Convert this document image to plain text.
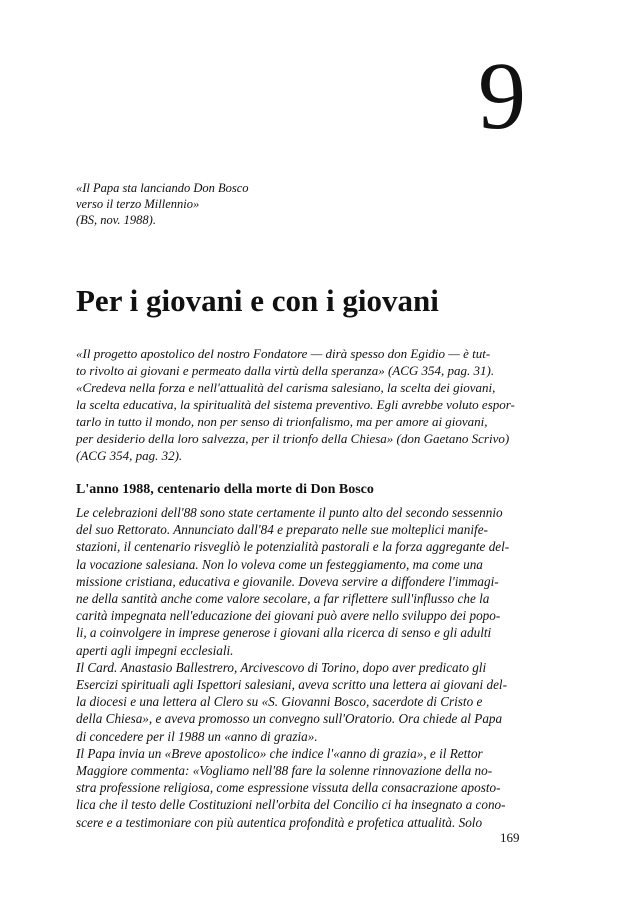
9
«Il Papa sta lanciando Don Bosco
verso il terzo Millennio»
(BS, nov. 1988).
Per i giovani e con i giovani
«Il progetto apostolico del nostro Fondatore — dirà spesso don Egidio — è tut-
to rivolto ai giovani e permeato dalla virtù della speranza» (ACG 354, pag. 31).
«Credeva nella forza e nell'attualità del carisma salesiano, la scelta dei giovani,
la scelta educativa, la spiritualità del sistema preventivo. Egli avrebbe voluto espor-
tarlo in tutto il mondo, non per senso di trionfalismo, ma per amore ai giovani,
per desiderio della loro salvezza, per il trionfo della Chiesa» (don Gaetano Scrivo)
(ACG 354, pag. 32).
L'anno 1988, centenario della morte di Don Bosco
Le celebrazioni dell'88 sono state certamente il punto alto del secondo sessennio
del suo Rettorato. Annunciato dall'84 e preparato nelle sue molteplici manife-
stazioni, il centenario risvegliò le potenzialità pastorali e la forza aggregante del-
la vocazione salesiana. Non lo voleva come un festeggiamento, ma come una
missione cristiana, educativa e giovanile. Doveva servire a diffondere l'immagi-
ne della santità anche come valore secolare, a far riflettere sull'influsso che la
carità impegnata nell'educazione dei giovani può avere nello sviluppo dei popo-
li, a coinvolgere in imprese generose i giovani alla ricerca di senso e gli adulti
aperti agli impegni ecclesiali.
Il Card. Anastasio Ballestrero, Arcivescovo di Torino, dopo aver predicato gli
Esercizi spirituali agli Ispettori salesiani, aveva scritto una lettera ai giovani del-
la diocesi e una lettera al Clero su «S. Giovanni Bosco, sacerdote di Cristo e
della Chiesa», e aveva promosso un convegno sull'Oratorio. Ora chiede al Papa
di concedere per il 1988 un «anno di grazia».
Il Papa invia un «Breve apostolico» che indice l'«anno di grazia», e il Rettor
Maggiore commenta: «Vogliamo nell'88 fare la solenne rinnovazione della no-
stra professione religiosa, come espressione vissuta della consacrazione aposto-
lica che il testo delle Costituzioni nell'orbita del Concilio ci ha insegnato a cono-
scere e a testimoniare con più autentica profondità e profetica attualità. Solo
169
